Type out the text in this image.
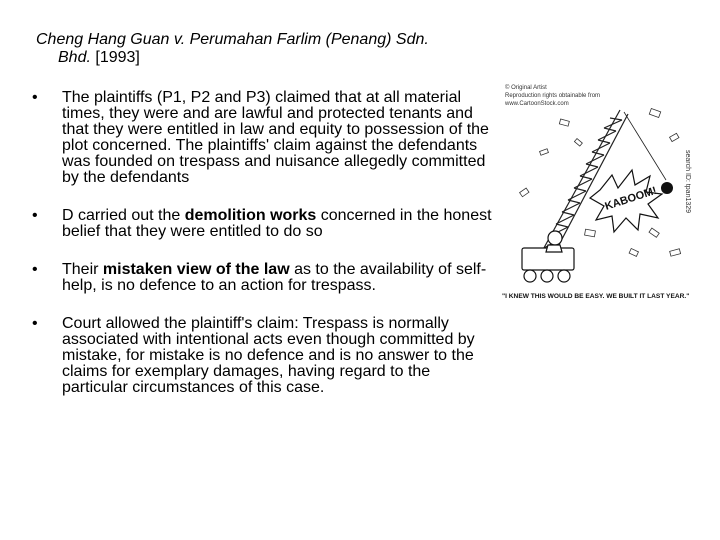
Cheng Hang Guan v. Perumahan Farlim (Penang) Sdn.
Bhd. [1993]
•	The plaintiffs (P1, P2 and P3) claimed that at all material times, they were and are lawful and protected tenants and that they were entitled in law and equity to possession of the plot concerned. The plaintiffs' claim against the defendants was founded on trespass and nuisance allegedly committed by the defendants
•	D carried out the demolition works concerned in the honest belief that they were entitled to do so
•	Their mistaken view of the law as to the availability of self-help, is no defence to an action for trespass.
•	Court allowed the plaintiff's claim: Trespass is normally associated with intentional acts even though committed by mistake, for mistake is no defence and is no answer to the claims for exemplary damages, having regard to the particular circumstances of this case.
© Original Artist
Reproduction rights obtainable from
www.CartoonStock.com
KABOOM!	search ID: tpan1329
"I KNEW THIS WOULD BE EASY. WE BUILT IT LAST YEAR."
